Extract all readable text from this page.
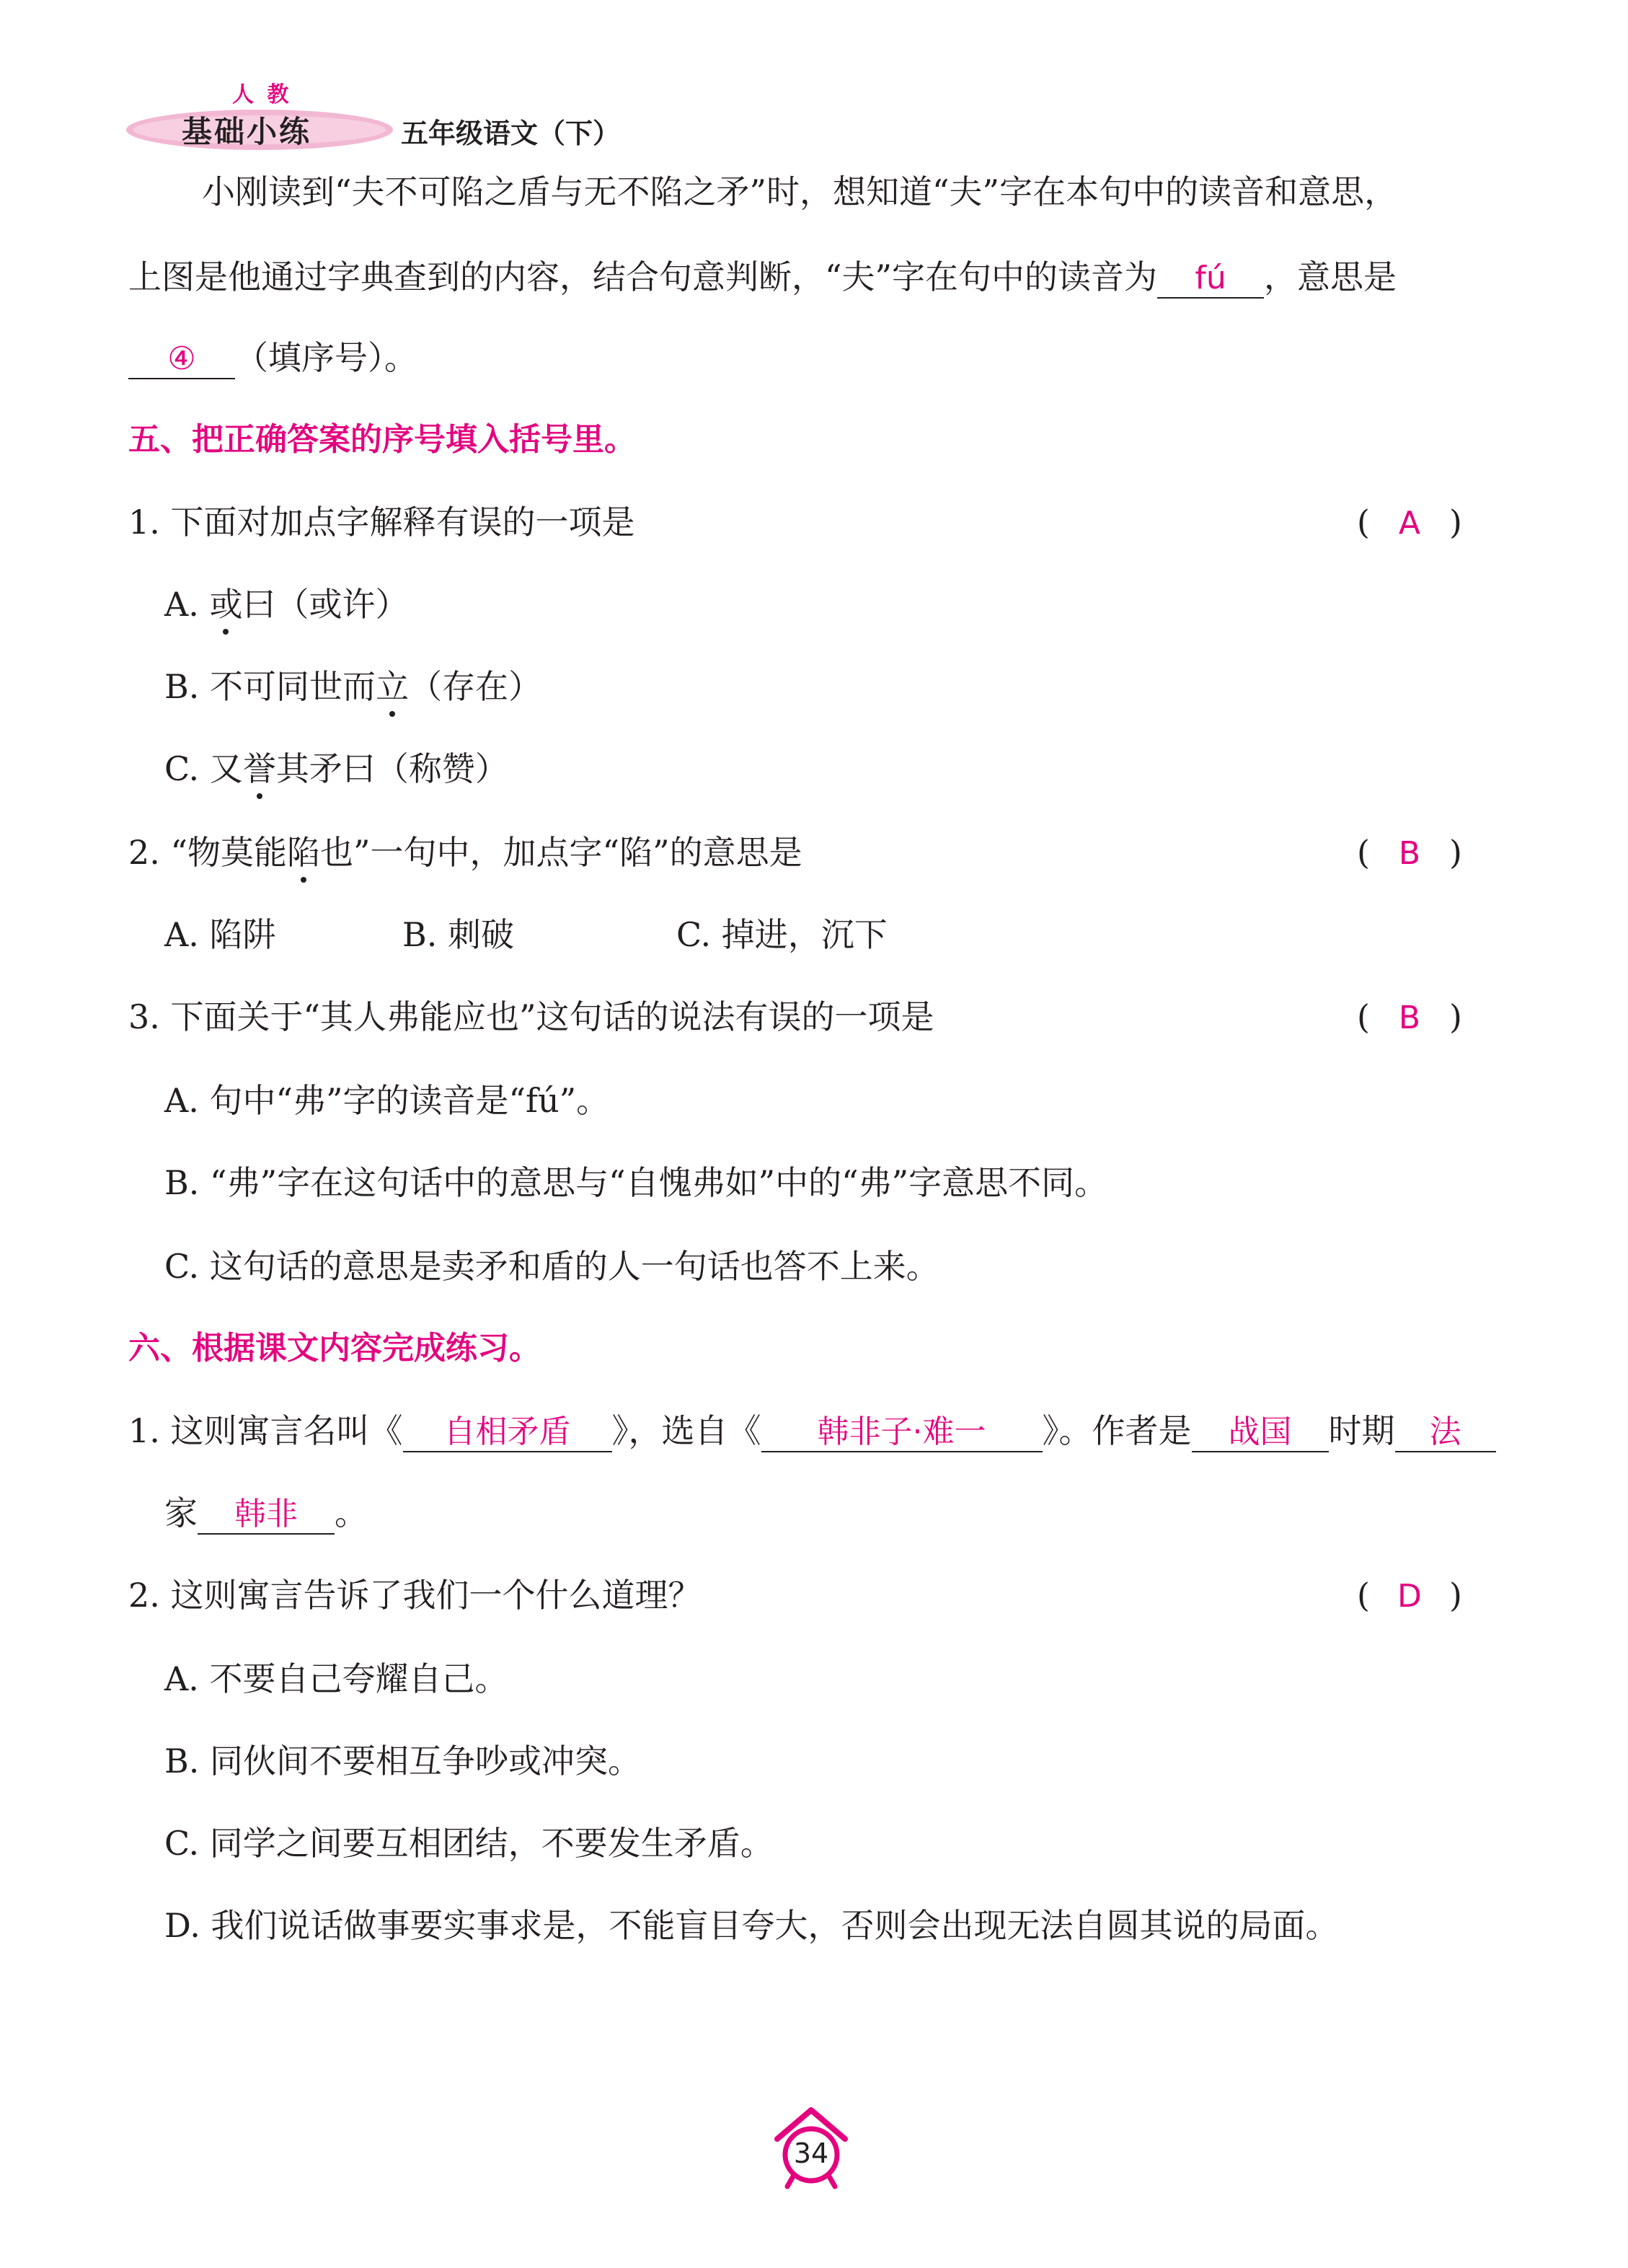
人 教
基础小练	五年级语文（下）
小刚读到“夫不可陷之盾与无不陷之矛”时，想知道“夫”字在本句中的读音和意思，
上图是他通过字典查到的内容，结合句意判断，“夫”字在句中的读音为 fú ，意思是
④ （填序号）。
五、把正确答案的序号填入括号里。
1. 下面对加点字解释有误的一项是	( A )
A. 或曰（或许）
B. 不可同世而立（存在）
C. 又誉其矛曰（称赞）
2. “物莫能陷也”一句中，加点字“陷”的意思是	( B )
A. 陷阱	B. 刺破	C. 掉进，沉下
3. 下面关于“其人弗能应也”这句话的说法有误的一项是	( B )
A. 句中“弗”字的读音是“fú”。
B. “弗”字在这句话中的意思与“自愧弗如”中的“弗”字意思不同。
C. 这句话的意思是卖矛和盾的人一句话也答不上来。
六、根据课文内容完成练习。
1. 这则寓言名叫《 自相矛盾 》，选自《 韩非子·难一 》。作者是 战国 时期 法
家 韩非 。
2. 这则寓言告诉了我们一个什么道理？	( D )
A. 不要自己夸耀自己。
B. 同伙间不要相互争吵或冲突。
C. 同学之间要互相团结，不要发生矛盾。
D. 我们说话做事要实事求是，不能盲目夸大，否则会出现无法自圆其说的局面。
34
